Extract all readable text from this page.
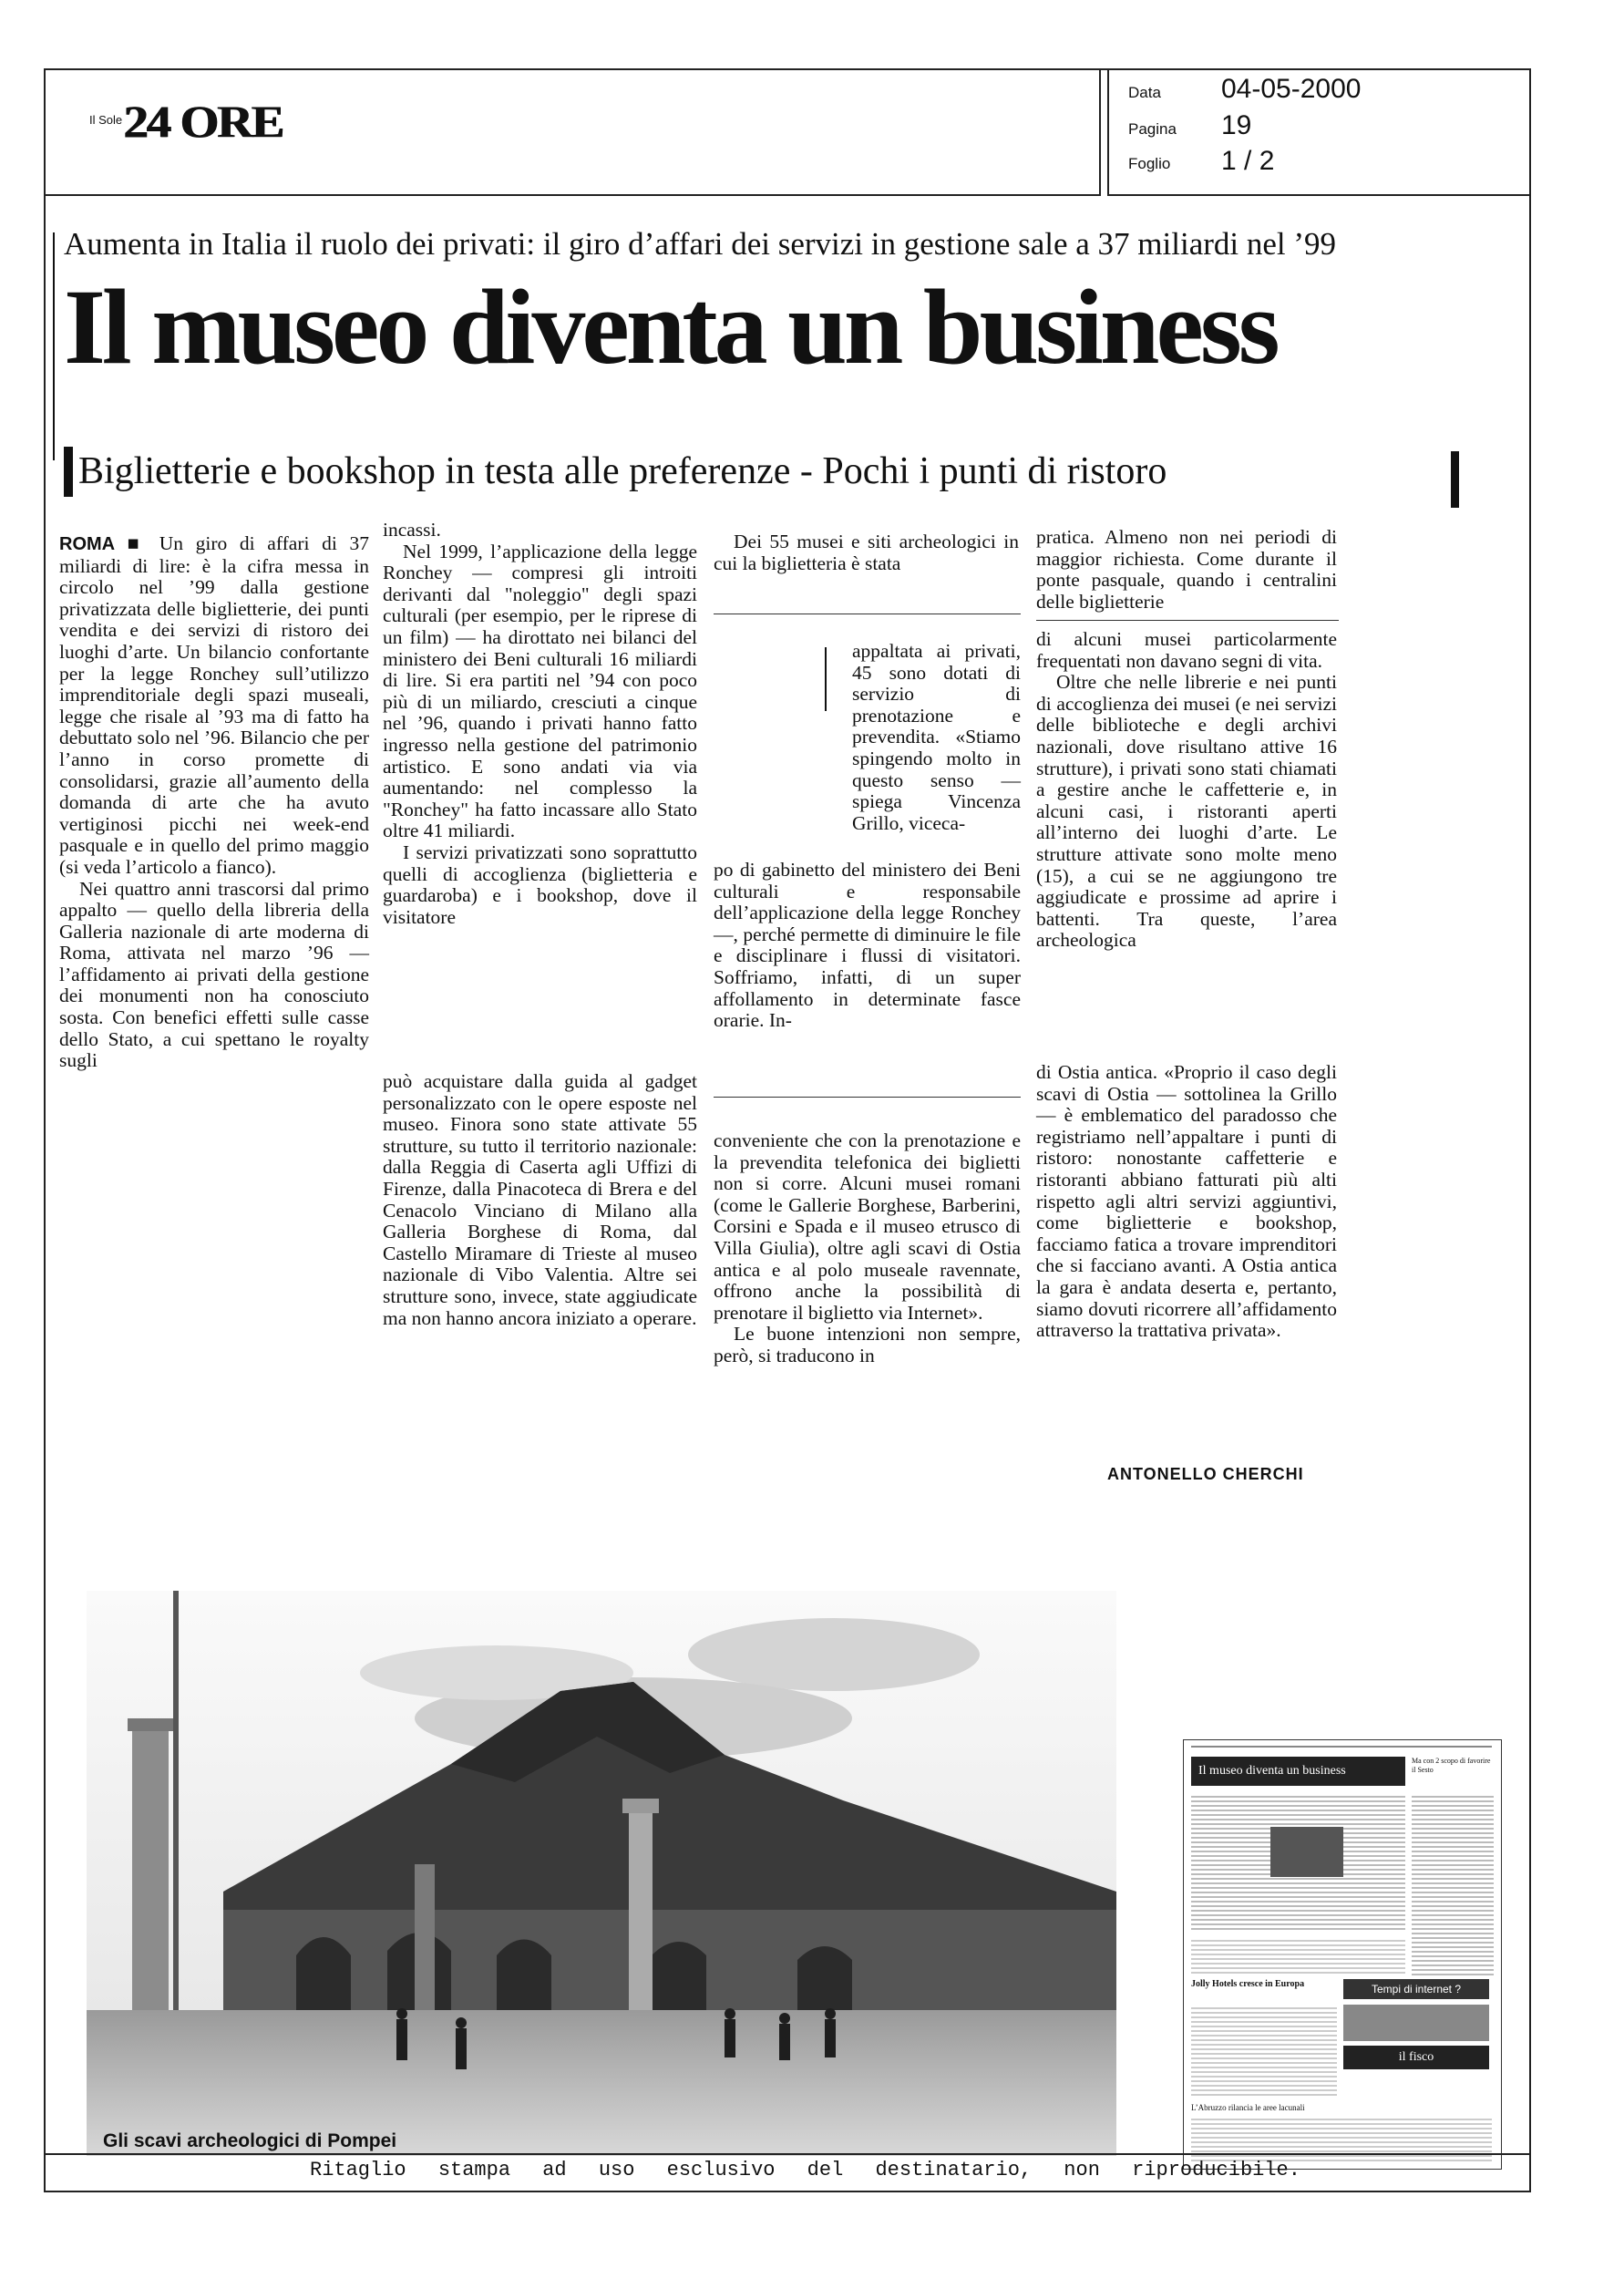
Il Sole 24 ORE
Data 04-05-2000
Pagina 19
Foglio 1 / 2
Aumenta in Italia il ruolo dei privati: il giro d’affari dei servizi in gestione sale a 37 miliardi nel ’99
Il museo diventa un business
Biglietterie e bookshop in testa alle preferenze - Pochi i punti di ristoro

ROMA ■ Un giro di affari di 37 miliardi di lire: è la cifra messa in circolo nel ’99 dalla gestione privatizzata delle biglietterie, dei punti vendita e dei servizi di ristoro dei luoghi d’arte. Un bilancio confortante per la legge Ronchey sull’utilizzo imprenditoriale degli spazi museali, legge che risale al ’93 ma di fatto ha debuttato solo nel ’96. Bilancio che per l’anno in corso promette di consolidarsi, grazie all’aumento della domanda di arte che ha avuto vertiginosi picchi nei week-end pasquale e in quello del primo maggio (si veda l’articolo a fianco).

Nei quattro anni trascorsi dal primo appalto — quello della libreria della Galleria nazionale di arte moderna di Roma, attivata nel marzo ’96 — l’affidamento ai privati della gestione dei monumenti non ha conosciuto sosta. Con benefici effetti sulle casse dello Stato, a cui spettano le royalty sugli

incassi.

Nel 1999, l’applicazione della legge Ronchey — compresi gli introiti derivanti dal "noleggio" degli spazi culturali (per esempio, per le riprese di un film) — ha dirottato nei bilanci del ministero dei Beni culturali 16 miliardi di lire. Si era partiti nel ’94 con poco più di un miliardo, cresciuti a cinque nel ’96, quando i privati hanno fatto ingresso nella gestione del patrimonio artistico. E sono andati via via aumentando: nel complesso la "Ronchey" ha fatto incassare allo Stato oltre 41 miliardi.

I servizi privatizzati sono soprattutto quelli di accoglienza (biglietteria e guardaroba) e i bookshop, dove il visitatore

può acquistare dalla guida al gadget personalizzato con le opere esposte nel museo. Finora sono state attivate 55 strutture, su tutto il territorio nazionale: dalla Reggia di Caserta agli Uffizi di Firenze, dalla Pinacoteca di Brera e del Cenacolo Vinciano di Milano alla Galleria Borghese di Roma, dal Castello Miramare di Trieste al museo nazionale di Vibo Valentia. Altre sei strutture sono, invece, state aggiudicate ma non hanno ancora iniziato a operare.

Dei 55 musei e siti archeologici in cui la biglietteria è stata

appaltata ai privati, 45 sono dotati di servizio di prenotazione e prevendita. «Stiamo spingendo molto in questo senso — spiega Vincenza Grillo, viceca-

po di gabinetto del ministero dei Beni culturali e responsabile dell’applicazione della legge Ronchey —, perché permette di diminuire le file e disciplinare i flussi di visitatori. Soffriamo, infatti, di un super affollamento in determinate fasce orarie. In-

conveniente che con la prenotazione e la prevendita telefonica dei biglietti non si corre. Alcuni musei romani (come le Gallerie Borghese, Barberini, Corsini e Spada e il museo etrusco di Villa Giulia), oltre agli scavi di Ostia antica e al polo museale ravennate, offrono anche la possibilità di prenotare il biglietto via Internet».

Le buone intenzioni non sempre, però, si traducono in

pratica. Almeno non nei periodi di maggior richiesta. Come durante il ponte pasquale, quando i centralini delle biglietterie

di alcuni musei particolarmente frequentati non davano segni di vita.

Oltre che nelle librerie e nei punti di accoglienza dei musei (e nei servizi delle biblioteche e degli archivi nazionali, dove risultano attive 16 strutture), i privati sono stati chiamati a gestire anche le caffetterie e, in alcuni casi, i ristoranti aperti all’interno dei luoghi d’arte. Le strutture attivate sono molte meno (15), a cui se ne aggiungono tre aggiudicate e prossime ad aprire i battenti. Tra queste, l’area archeologica

di Ostia antica. «Proprio il caso degli scavi di Ostia — sottolinea la Grillo — è emblematico del paradosso che registriamo nell’appaltare i punti di ristoro: nonostante caffetterie e ristoranti abbiano fatturati più alti rispetto agli altri servizi aggiuntivi, come biglietterie e bookshop, facciamo fatica a trovare imprenditori che si facciano avanti. A Ostia antica la gara è andata deserta e, pertanto, siamo dovuti ricorrere all’affidamento attraverso la trattativa privata».

ANTONELLO CHERCHI
Gli scavi archeologici di Pompei
Il museo diventa un business
Ma con 2 scopo di favorire il Sesto
Jolly Hotels cresce in Europa	Tempi di internet ?
il fisco
L’Abruzzo rilancia le aree lacunali
Ritaglio stampa ad uso esclusivo del destinatario, non riproducibile.
